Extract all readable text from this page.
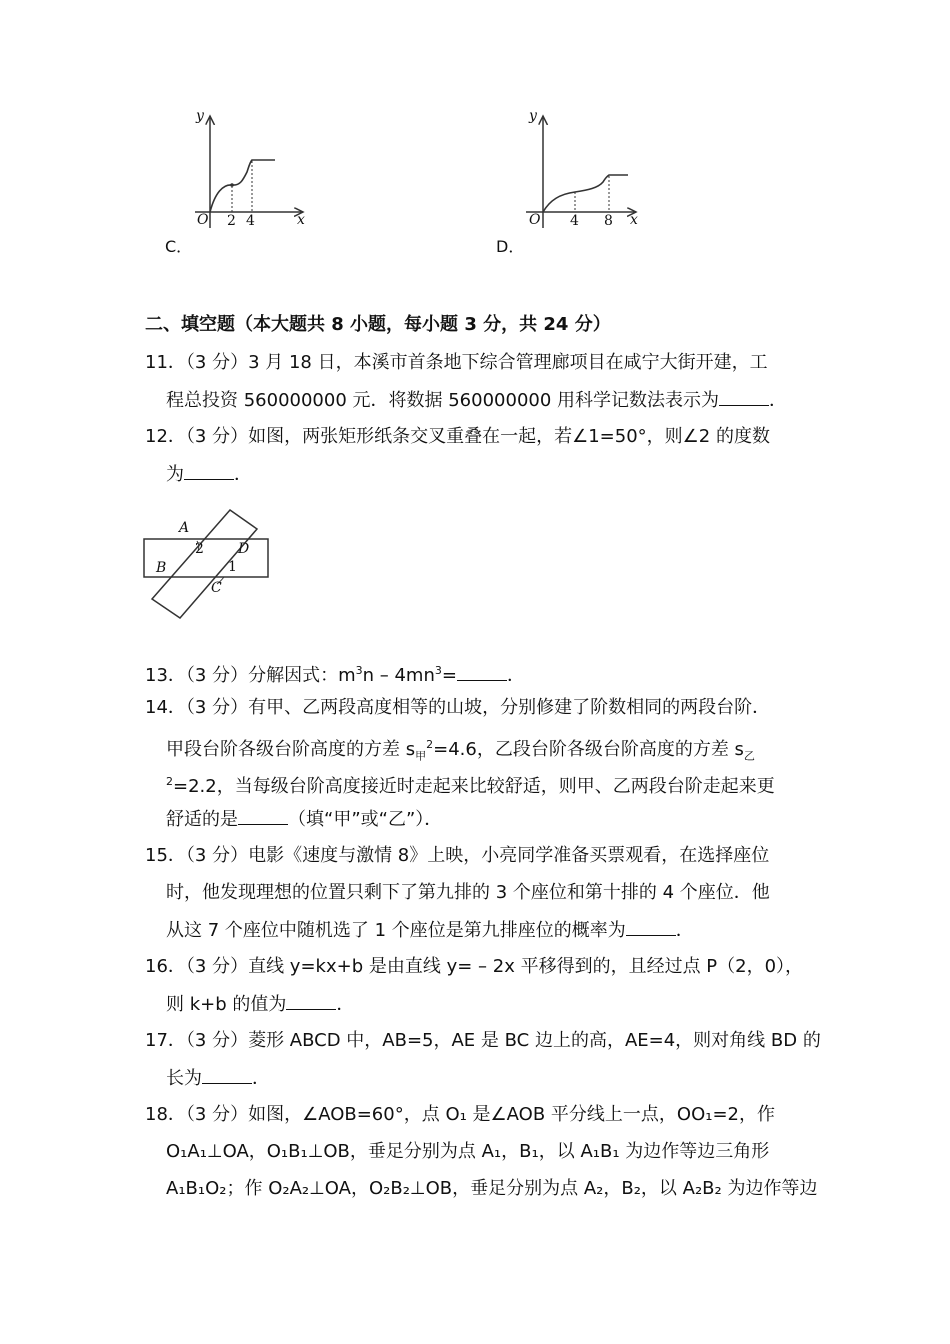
y
x
O 2 4
C．
y
x
O 4 8
D．
二、填空题（本大题共 8 小题，每小题 3 分，共 24 分）
11．（3 分）3 月 18 日，本溪市首条地下综合管理廊项目在咸宁大街开建，工
程总投资 560000000 元．将数据 560000000 用科学记数法表示为	．
12．（3 分）如图，两张矩形纸条交叉重叠在一起，若∠1=50°，则∠2 的度数
为	．
A
2 D
B	1
C
13．（3 分）分解因式：$m^3n - 4mn^3=$	．
14．（3 分）有甲、乙两段高度相等的山坡，分别修建了阶数相同的两段台阶．
甲段台阶各级台阶高度的方差 $s_甲^2=4.6$，乙段台阶各级台阶高度的方差 $s_乙$
$^2$=2.2，当每级台阶高度接近时走起来比较舒适，则甲、乙两段台阶走起来更
舒适的是	（填“甲”或“乙”）．
15．（3 分）电影《速度与激情 8》上映，小亮同学准备买票观看，在选择座位
时，他发现理想的位置只剩下了第九排的 3 个座位和第十排的 4 个座位．他
从这 7 个座位中随机选了 1 个座位是第九排座位的概率为	．
16．（3 分）直线 y=kx+b 是由直线 y= – 2x 平移得到的，且经过点 P（2，0），
则 k+b 的值为	．
17．（3 分）菱形 ABCD 中，AB=5，AE 是 BC 边上的高，AE=4，则对角线 BD 的
长为	．
18．（3 分）如图，∠AOB=60°，点 O₁ 是∠AOB 平分线上一点，OO₁=2，作
O₁A₁⊥OA，O₁B₁⊥OB，垂足分别为点 A₁，B₁，以 A₁B₁ 为边作等边三角形
A₁B₁O₂；作 O₂A₂⊥OA，O₂B₂⊥OB，垂足分别为点 A₂，B₂，以 A₂B₂ 为边作等边
